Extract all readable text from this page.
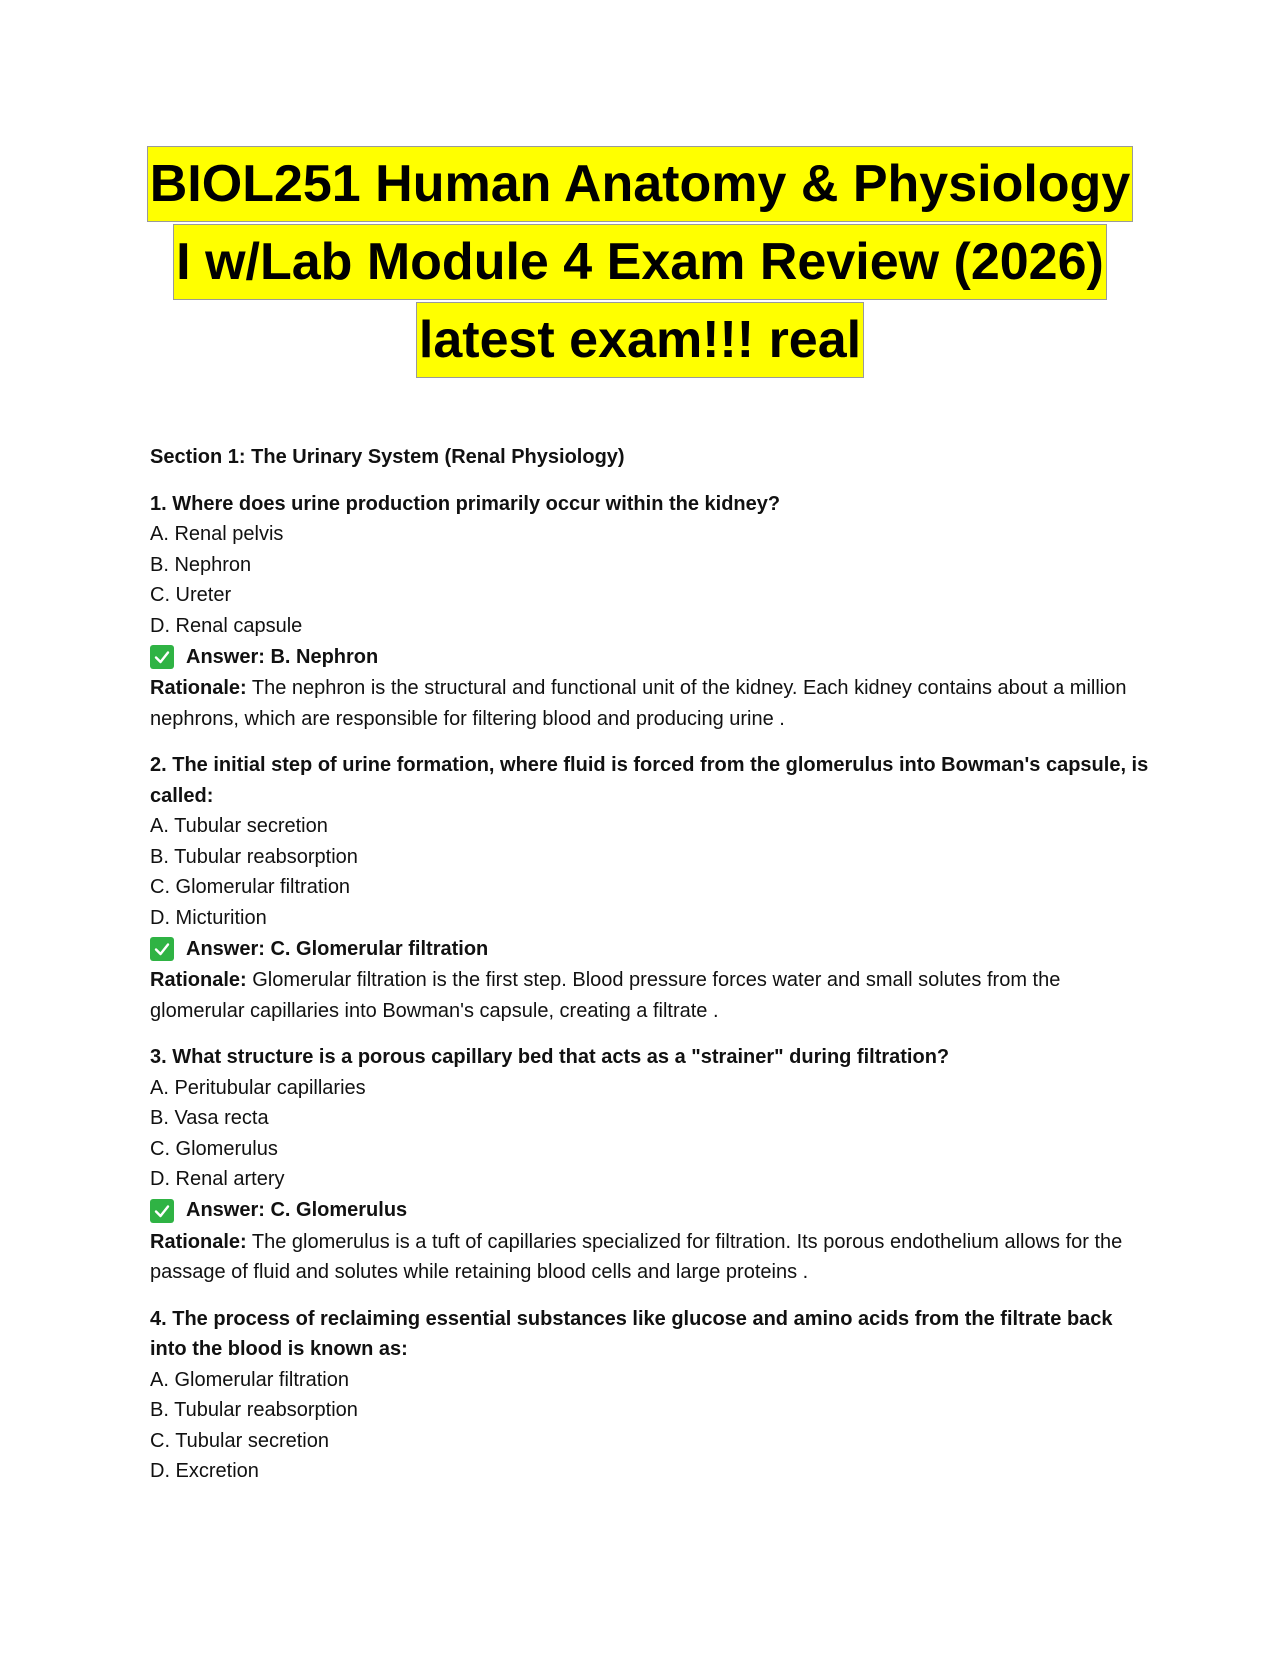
BIOL251 Human Anatomy & Physiology
I w/Lab Module 4 Exam Review (2026)
latest exam!!! real
Section 1: The Urinary System (Renal Physiology)
1. Where does urine production primarily occur within the kidney?
A. Renal pelvis
B. Nephron
C. Ureter
D. Renal capsule
Answer: B. Nephron
Rationale: The nephron is the structural and functional unit of the kidney. Each kidney contains about a million nephrons, which are responsible for filtering blood and producing urine .
2. The initial step of urine formation, where fluid is forced from the glomerulus into Bowman's capsule, is called:
A. Tubular secretion
B. Tubular reabsorption
C. Glomerular filtration
D. Micturition
Answer: C. Glomerular filtration
Rationale: Glomerular filtration is the first step. Blood pressure forces water and small solutes from the glomerular capillaries into Bowman's capsule, creating a filtrate .
3. What structure is a porous capillary bed that acts as a "strainer" during filtration?
A. Peritubular capillaries
B. Vasa recta
C. Glomerulus
D. Renal artery
Answer: C. Glomerulus
Rationale: The glomerulus is a tuft of capillaries specialized for filtration. Its porous endothelium allows for the passage of fluid and solutes while retaining blood cells and large proteins .
4. The process of reclaiming essential substances like glucose and amino acids from the filtrate back into the blood is known as:
A. Glomerular filtration
B. Tubular reabsorption
C. Tubular secretion
D. Excretion
